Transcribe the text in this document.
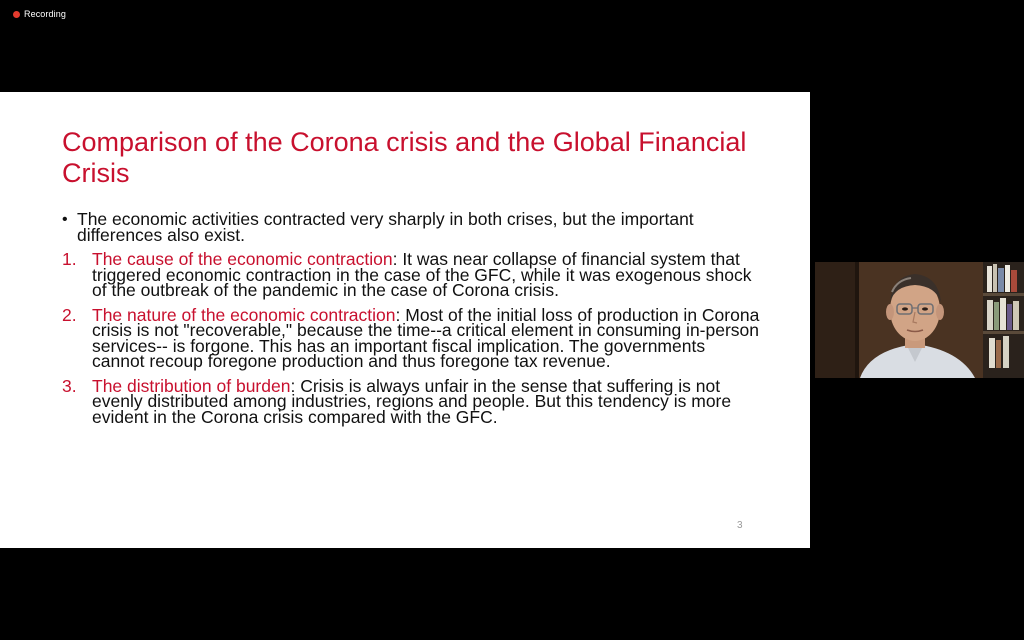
Recording
Comparison of the Corona crisis and the Global Financial Crisis
• The economic activities contracted very sharply in both crises, but the important differences also exist.
1. The cause of the economic contraction: It was near collapse of financial system that triggered economic contraction in the case of the GFC, while it was exogenous shock of the outbreak of the pandemic in the case of Corona crisis.
2. The nature of the economic contraction: Most of the initial loss of production in Corona crisis is not "recoverable," because the time--a critical element in consuming in-person services-- is forgone. This has an important fiscal implication. The governments cannot recoup foregone production and thus foregone tax revenue.
3. The distribution of burden: Crisis is always unfair in the sense that suffering is not evenly distributed among industries, regions and people. But this tendency is more evident in the Corona crisis compared with the GFC.
3
